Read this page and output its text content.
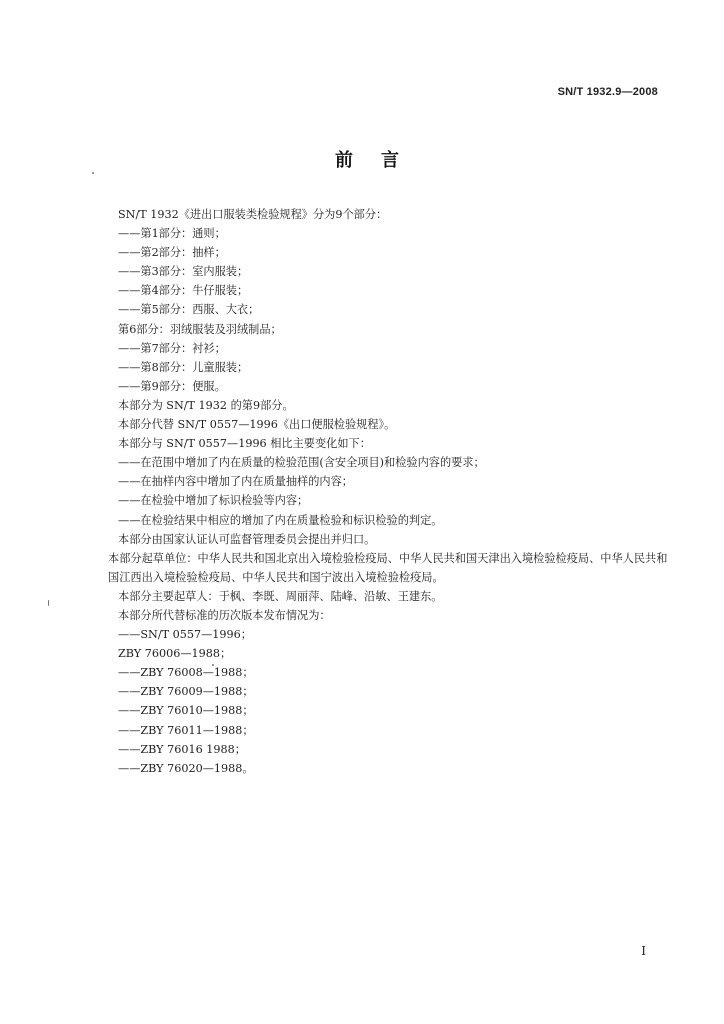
SN/T 1932.9—2008
前言
SN/T 1932《进出口服装类检验规程》分为9个部分：
——第1部分：通则；
——第2部分：抽样；
——第3部分：室内服装；
——第4部分：牛仔服装；
——第5部分：西服、大衣；
第6部分：羽绒服装及羽绒制品；
——第7部分：衬衫；
——第8部分：儿童服装；
——第9部分：便服。
本部分为 SN/T 1932 的第9部分。
本部分代替 SN/T 0557—1996《出口便服检验规程》。
本部分与 SN/T 0557—1996 相比主要变化如下：
——在范围中增加了内在质量的检验范围(含安全项目)和检验内容的要求；
——在抽样内容中增加了内在质量抽样的内容；
——在检验中增加了标识检验等内容；
——在检验结果中相应的增加了内在质量检验和标识检验的判定。
本部分由国家认证认可监督管理委员会提出并归口。
本部分起草单位：中华人民共和国北京出入境检验检疫局、中华人民共和国天津出入境检验检疫局、中华人民共和国江西出入境检验检疫局、中华人民共和国宁波出入境检验检疫局。
本部分主要起草人：于枫、李既、周丽萍、陆峰、沿敏、王建东。
本部分所代替标准的历次版本发布情况为：
——SN/T 0557—1996；
ZBY 76006—1988；
——ZBY 76008—1988；
——ZBY 76009—1988；
——ZBY 76010—1988；
——ZBY 76011—1988；
——ZBY 76016 1988；
——ZBY 76020—1988。
I
